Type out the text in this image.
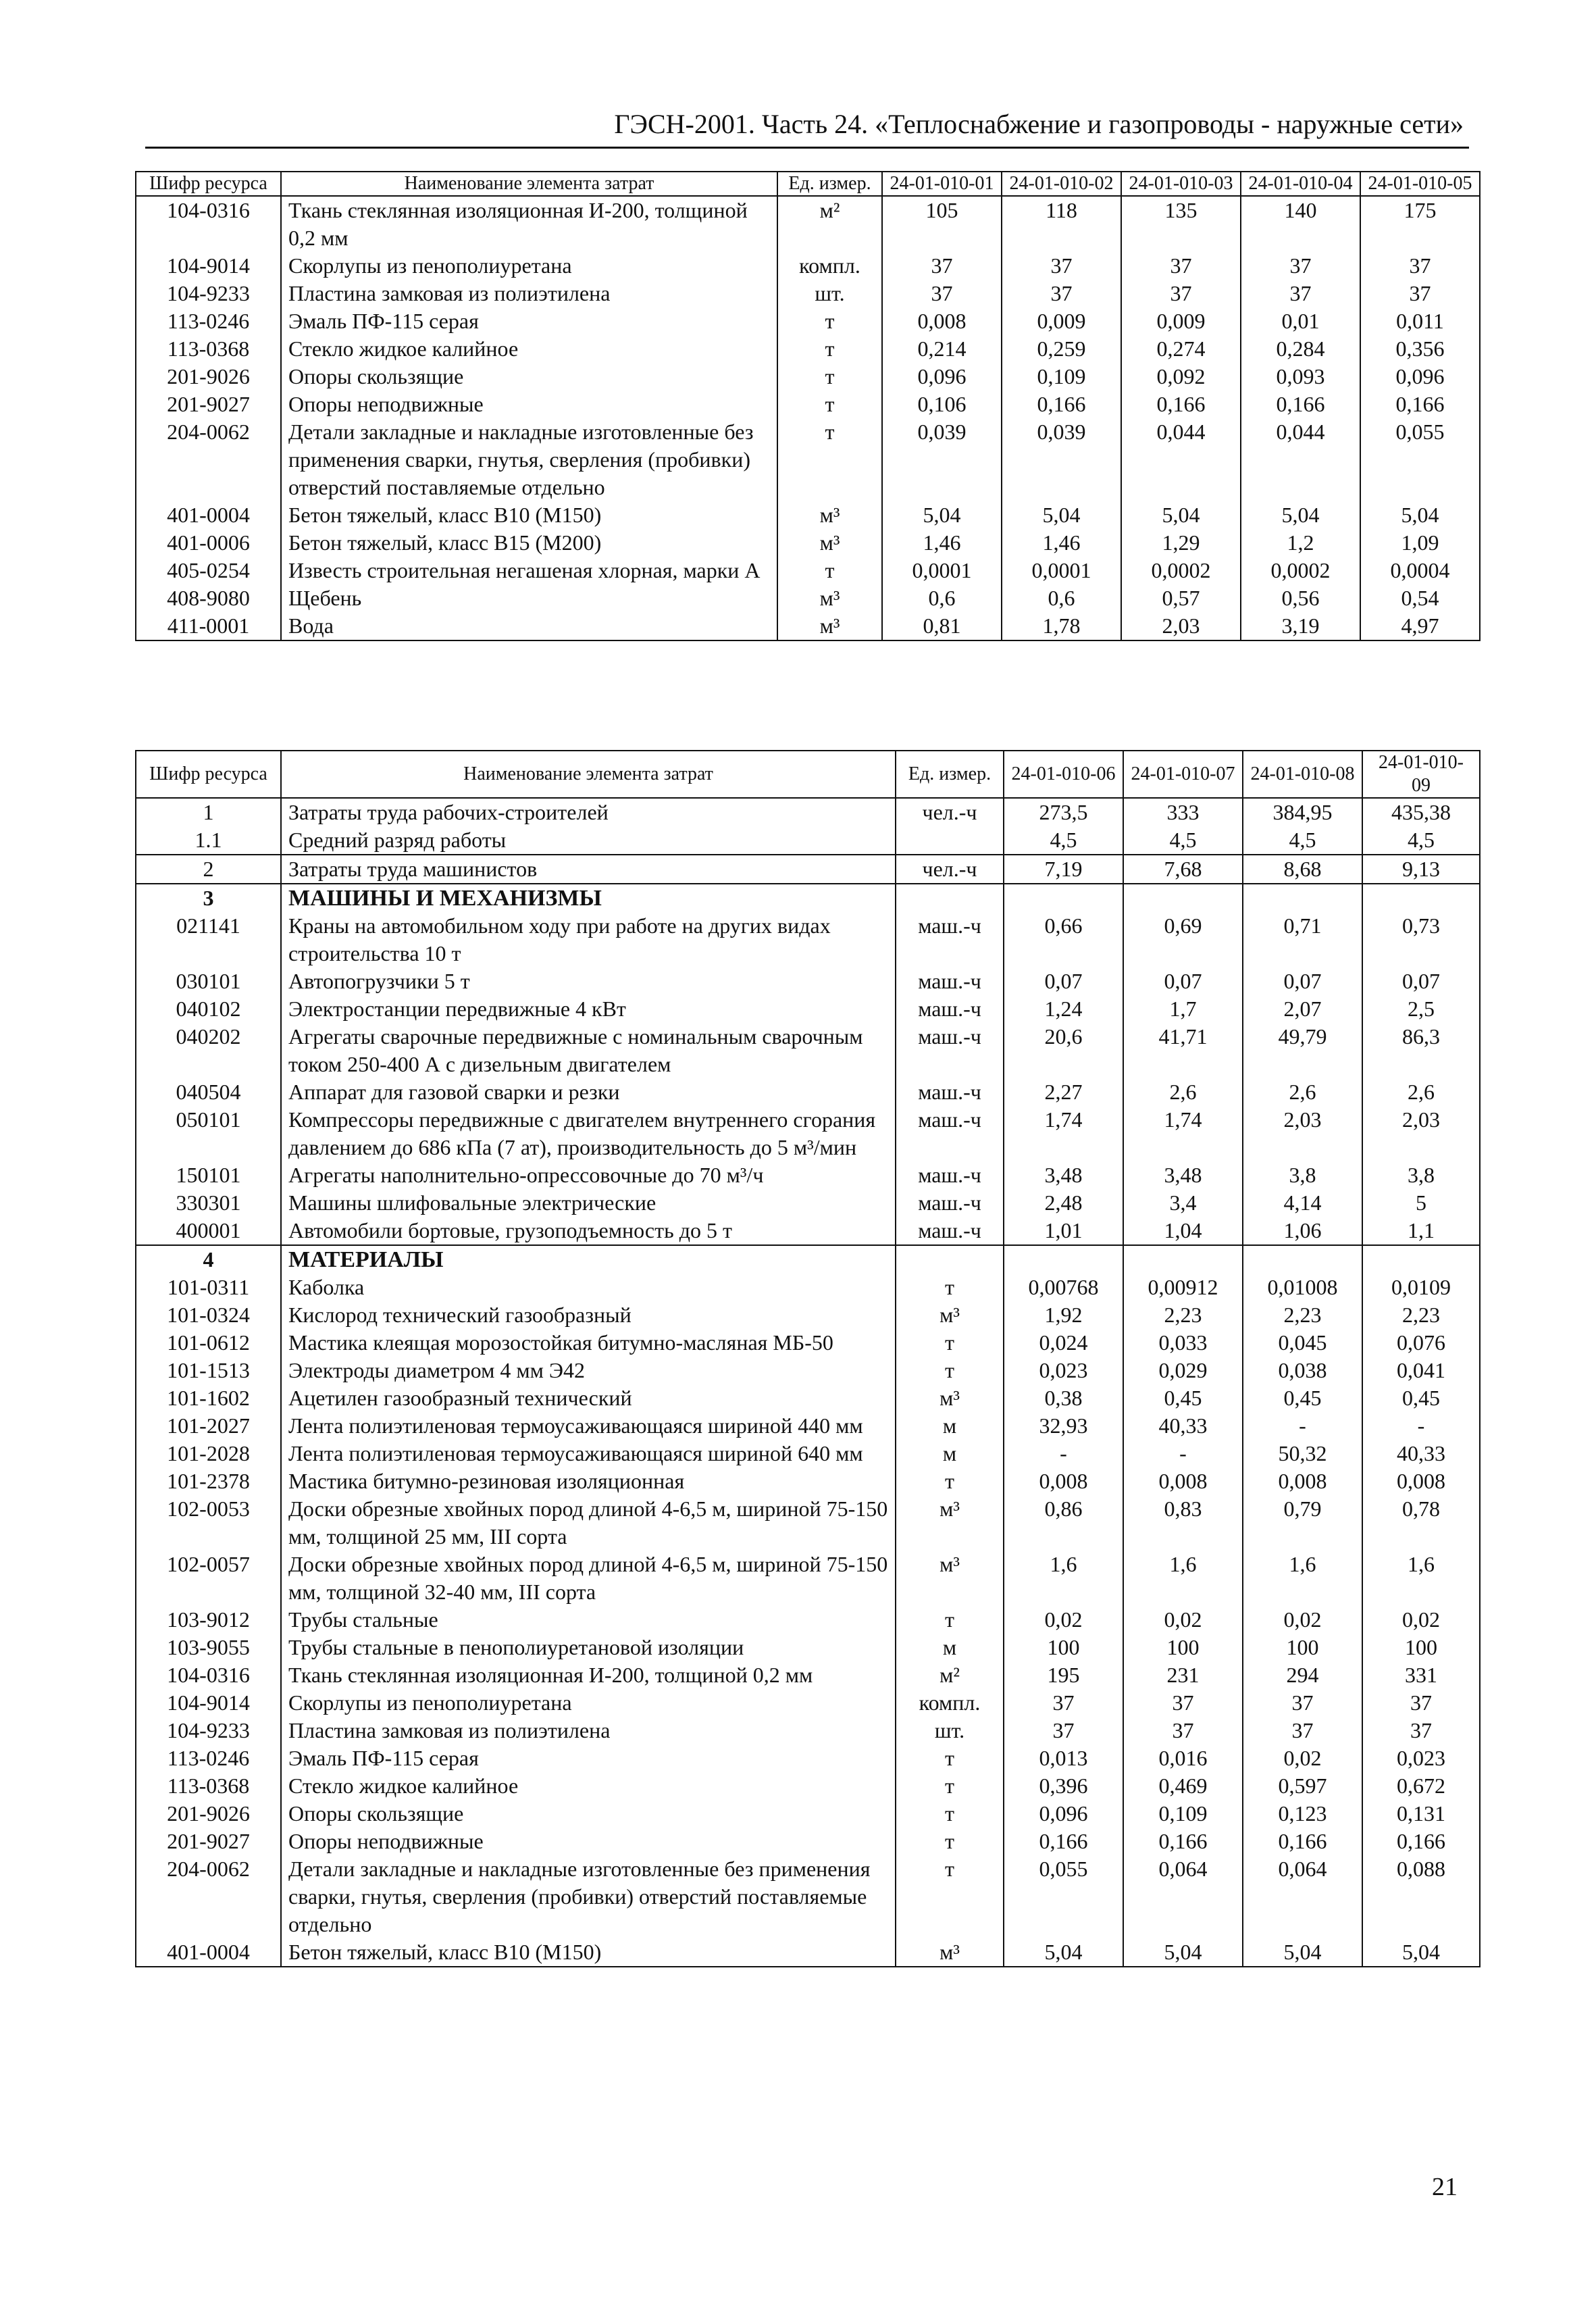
ГЭСН-2001. Часть 24. «Теплоснабжение и газопроводы - наружные сети»
Шифр ресурса	Наименование элемента затрат	Ед. измер.	24-01-010-01	24-01-010-02	24-01-010-03	24-01-010-04	24-01-010-05
104-0316	Ткань стеклянная изоляционная И-200, толщиной 0,2 мм	м²	105	118	135	140	175
104-9014	Скорлупы из пенополиуретана	компл.	37	37	37	37	37
104-9233	Пластина замковая из полиэтилена	шт.	37	37	37	37	37
113-0246	Эмаль ПФ-115 серая	т	0,008	0,009	0,009	0,01	0,011
113-0368	Стекло жидкое калийное	т	0,214	0,259	0,274	0,284	0,356
201-9026	Опоры скользящие	т	0,096	0,109	0,092	0,093	0,096
201-9027	Опоры неподвижные	т	0,106	0,166	0,166	0,166	0,166
204-0062	Детали закладные и накладные изготовленные без применения сварки, гнутья, сверления (пробивки) отверстий поставляемые отдельно	т	0,039	0,039	0,044	0,044	0,055
401-0004	Бетон тяжелый, класс В10 (М150)	м³	5,04	5,04	5,04	5,04	5,04
401-0006	Бетон тяжелый, класс В15 (М200)	м³	1,46	1,46	1,29	1,2	1,09
405-0254	Известь строительная негашеная хлорная, марки А	т	0,0001	0,0001	0,0002	0,0002	0,0004
408-9080	Щебень	м³	0,6	0,6	0,57	0,56	0,54
411-0001	Вода	м³	0,81	1,78	2,03	3,19	4,97
Шифр ресурса	Наименование элемента затрат	Ед. измер.	24-01-010-06	24-01-010-07	24-01-010-08	24-01-010-09
1	Затраты труда рабочих-строителей	чел.-ч	273,5	333	384,95	435,38
1.1	Средний разряд работы		4,5	4,5	4,5	4,5
2	Затраты труда машинистов	чел.-ч	7,19	7,68	8,68	9,13
3	МАШИНЫ И МЕХАНИЗМЫ					
021141	Краны на автомобильном ходу при работе на других видах строительства 10 т	маш.-ч	0,66	0,69	0,71	0,73
030101	Автопогрузчики 5 т	маш.-ч	0,07	0,07	0,07	0,07
040102	Электростанции передвижные 4 кВт	маш.-ч	1,24	1,7	2,07	2,5
040202	Агрегаты сварочные передвижные с номинальным сварочным током 250-400 А с дизельным двигателем	маш.-ч	20,6	41,71	49,79	86,3
040504	Аппарат для газовой сварки и резки	маш.-ч	2,27	2,6	2,6	2,6
050101	Компрессоры передвижные с двигателем внутреннего сгорания давлением до 686 кПа (7 ат), производительность до 5 м³/мин	маш.-ч	1,74	1,74	2,03	2,03
150101	Агрегаты наполнительно-опрессовочные до 70 м³/ч	маш.-ч	3,48	3,48	3,8	3,8
330301	Машины шлифовальные электрические	маш.-ч	2,48	3,4	4,14	5
400001	Автомобили бортовые, грузоподъемность до 5 т	маш.-ч	1,01	1,04	1,06	1,1
4	МАТЕРИАЛЫ					
101-0311	Каболка	т	0,00768	0,00912	0,01008	0,0109
101-0324	Кислород технический газообразный	м³	1,92	2,23	2,23	2,23
101-0612	Мастика клеящая морозостойкая битумно-масляная МБ-50	т	0,024	0,033	0,045	0,076
101-1513	Электроды диаметром 4 мм Э42	т	0,023	0,029	0,038	0,041
101-1602	Ацетилен газообразный технический	м³	0,38	0,45	0,45	0,45
101-2027	Лента полиэтиленовая термоусаживающаяся шириной 440 мм	м	32,93	40,33	-	-
101-2028	Лента полиэтиленовая термоусаживающаяся шириной 640 мм	м	-	-	50,32	40,33
101-2378	Мастика битумно-резиновая изоляционная	т	0,008	0,008	0,008	0,008
102-0053	Доски обрезные хвойных пород длиной 4-6,5 м, шириной 75-150 мм, толщиной 25 мм, III сорта	м³	0,86	0,83	0,79	0,78
102-0057	Доски обрезные хвойных пород длиной 4-6,5 м, шириной 75-150 мм, толщиной 32-40 мм, III сорта	м³	1,6	1,6	1,6	1,6
103-9012	Трубы стальные	т	0,02	0,02	0,02	0,02
103-9055	Трубы стальные в пенополиуретановой изоляции	м	100	100	100	100
104-0316	Ткань стеклянная изоляционная И-200, толщиной 0,2 мм	м²	195	231	294	331
104-9014	Скорлупы из пенополиуретана	компл.	37	37	37	37
104-9233	Пластина замковая из полиэтилена	шт.	37	37	37	37
113-0246	Эмаль ПФ-115 серая	т	0,013	0,016	0,02	0,023
113-0368	Стекло жидкое калийное	т	0,396	0,469	0,597	0,672
201-9026	Опоры скользящие	т	0,096	0,109	0,123	0,131
201-9027	Опоры неподвижные	т	0,166	0,166	0,166	0,166
204-0062	Детали закладные и накладные изготовленные без применения сварки, гнутья, сверления (пробивки) отверстий поставляемые отдельно	т	0,055	0,064	0,064	0,088
401-0004	Бетон тяжелый, класс В10 (М150)	м³	5,04	5,04	5,04	5,04
21
